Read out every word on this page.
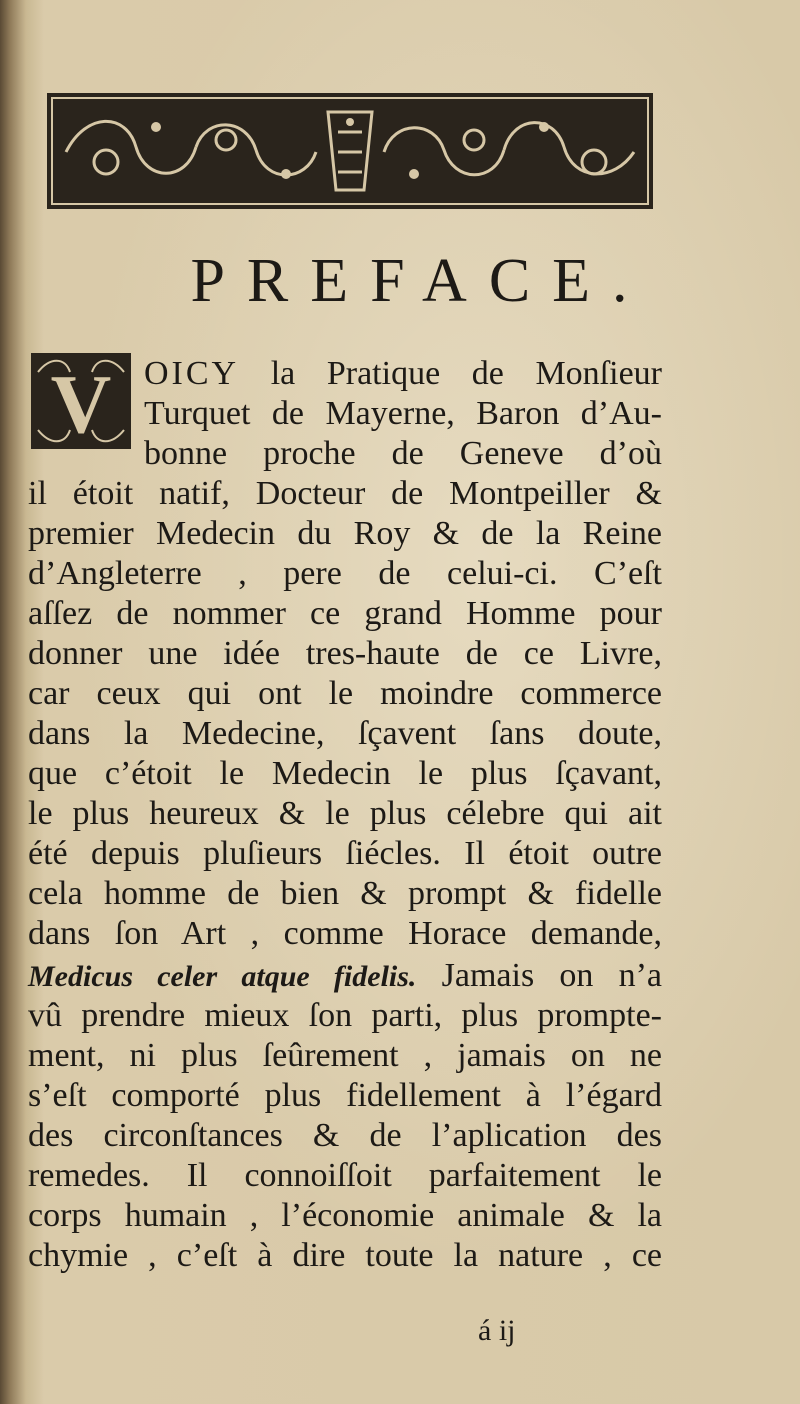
PREFACE.
V OICY la Pratique de Monſieur
Turquet de Mayerne, Baron d’Au-
bonne proche de Geneve d’où
il étoit natif, Docteur de Montpeiller &
premier Medecin du Roy & de la Reine
d’Angleterre , pere de celui-ci. C’eſt
aſſez de nommer ce grand Homme pour
donner une idée tres-haute de ce Livre,
car ceux qui ont le moindre commerce
dans la Medecine, ſçavent ſans doute,
que c’étoit le Medecin le plus ſçavant,
le plus heureux & le plus célebre qui ait
été depuis pluſieurs ſiécles. Il étoit outre
cela homme de bien & prompt & fidelle
dans ſon Art , comme Horace demande,
Medicus celer atque fidelis. Jamais on n’a
vû prendre mieux ſon parti, plus prompte-
ment, ni plus ſeûrement , jamais on ne
s’eſt comporté plus fidellement à l’égard
des circonſtances & de l’aplication des
remedes. Il connoiſſoit parfaitement le
corps humain , l’économie animale & la
chymie , c’eſt à dire toute la nature , ce
á ij
